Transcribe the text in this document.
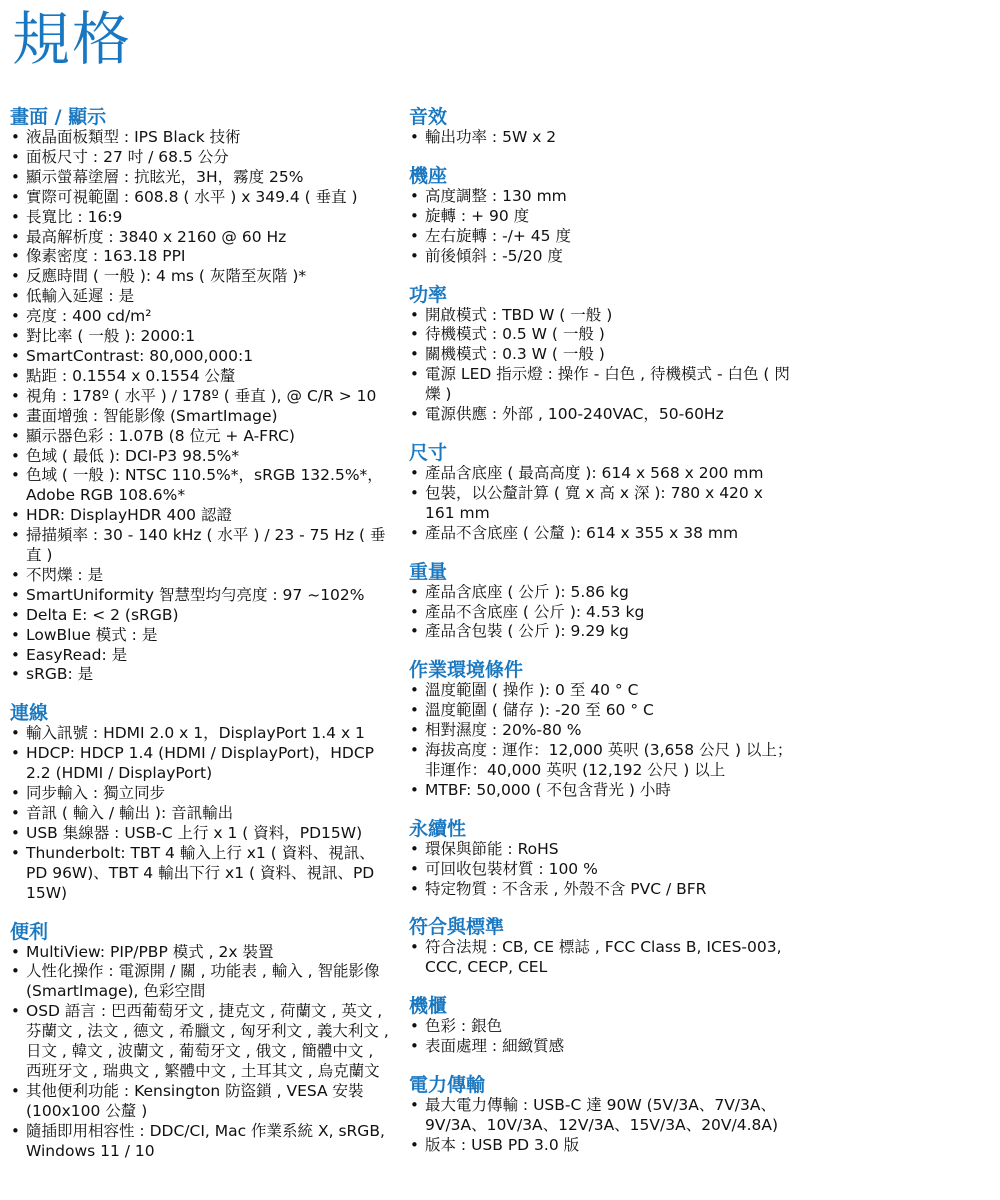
規格
畫面 / 顯示
• 液晶面板類型 : IPS Black 技術
• 面板尺寸 : 27 吋 / 68.5 公分
• 顯示螢幕塗層 : 抗眩光，3H，霧度 25%
• 實際可視範圍 : 608.8 ( 水平 ) x 349.4 ( 垂直 )
• 長寬比 : 16:9
• 最高解析度 : 3840 x 2160 @ 60 Hz
• 像素密度 : 163.18 PPI
• 反應時間 ( 一般 ): 4 ms ( 灰階至灰階 )*
• 低輸入延遲 : 是
• 亮度 : 400 cd/m²
• 對比率 ( 一般 ): 2000:1
• SmartContrast: 80,000,000:1
• 點距 : 0.1554 x 0.1554 公釐
• 視角 : 178º ( 水平 ) / 178º ( 垂直 ), @ C/R > 10
• 畫面增強 : 智能影像 (SmartImage)
• 顯示器色彩 : 1.07B (8 位元 + A-FRC)
• 色域 ( 最低 ): DCI-P3 98.5%*
• 色域 ( 一般 ): NTSC 110.5%*，sRGB 132.5%*，Adobe RGB 108.6%*
• HDR: DisplayHDR 400 認證
• 掃描頻率 : 30 - 140 kHz ( 水平 ) / 23 - 75 Hz ( 垂直 )
• 不閃爍 : 是
• SmartUniformity 智慧型均勻亮度 : 97 ~102%
• Delta E: < 2 (sRGB)
• LowBlue 模式 : 是
• EasyRead: 是
• sRGB: 是
連線
• 輸入訊號 : HDMI 2.0 x 1，DisplayPort 1.4 x 1
• HDCP: HDCP 1.4 (HDMI / DisplayPort)，HDCP 2.2 (HDMI / DisplayPort)
• 同步輸入 : 獨立同步
• 音訊 ( 輸入 / 輸出 ): 音訊輸出
• USB 集線器 : USB-C 上行 x 1 ( 資料，PD15W)
• Thunderbolt: TBT 4 輸入上行 x1 ( 資料、視訊、PD 96W)、TBT 4 輸出下行 x1 ( 資料、視訊、PD 15W)
便利
• MultiView: PIP/PBP 模式 , 2x 裝置
• 人性化操作 : 電源開 / 關 , 功能表 , 輸入 , 智能影像 (SmartImage), 色彩空間
• OSD 語言 : 巴西葡萄牙文 , 捷克文 , 荷蘭文 , 英文 , 芬蘭文 , 法文 , 德文 , 希臘文 , 匈牙利文 , 義大利文 , 日文 , 韓文 , 波蘭文 , 葡萄牙文 , 俄文 , 簡體中文 , 西班牙文 , 瑞典文 , 繁體中文 , 土耳其文 , 烏克蘭文
• 其他便利功能 : Kensington 防盜鎖 , VESA 安裝 (100x100 公釐 )
• 隨插即用相容性 : DDC/CI, Mac 作業系統 X, sRGB, Windows 11 / 10
音效
• 輸出功率 : 5W x 2
機座
• 高度調整 : 130 mm
• 旋轉 : + 90 度
• 左右旋轉 : -/+ 45 度
• 前後傾斜 : -5/20 度
功率
• 開啟模式 : TBD W ( 一般 )
• 待機模式 : 0.5 W ( 一般 )
• 關機模式 : 0.3 W ( 一般 )
• 電源 LED 指示燈 : 操作 - 白色 , 待機模式 - 白色 ( 閃爍 )
• 電源供應 : 外部 , 100-240VAC，50-60Hz
尺寸
• 產品含底座 ( 最高高度 ): 614 x 568 x 200 mm
• 包裝，以公釐計算 ( 寬 x 高 x 深 ): 780 x 420 x 161 mm
• 產品不含底座 ( 公釐 ): 614 x 355 x 38 mm
重量
• 產品含底座 ( 公斤 ): 5.86 kg
• 產品不含底座 ( 公斤 ): 4.53 kg
• 產品含包裝 ( 公斤 ): 9.29 kg
作業環境條件
• 溫度範圍 ( 操作 ): 0 至 40 ° C
• 溫度範圍 ( 儲存 ): -20 至 60 ° C
• 相對濕度 : 20%-80 %
• 海拔高度 : 運作：12,000 英呎 (3,658 公尺 ) 以上；非運作：40,000 英呎 (12,192 公尺 ) 以上
• MTBF: 50,000 ( 不包含背光 ) 小時
永續性
• 環保與節能 : RoHS
• 可回收包裝材質 : 100 %
• 特定物質 : 不含汞 , 外殼不含 PVC / BFR
符合與標準
• 符合法規 : CB, CE 標誌 , FCC Class B, ICES-003, CCC, CECP, CEL
機櫃
• 色彩 : 銀色
• 表面處理 : 細緻質感
電力傳輸
• 最大電力傳輸 : USB-C 達 90W (5V/3A、7V/3A、9V/3A、10V/3A、12V/3A、15V/3A、20V/4.8A)
• 版本 : USB PD 3.0 版
